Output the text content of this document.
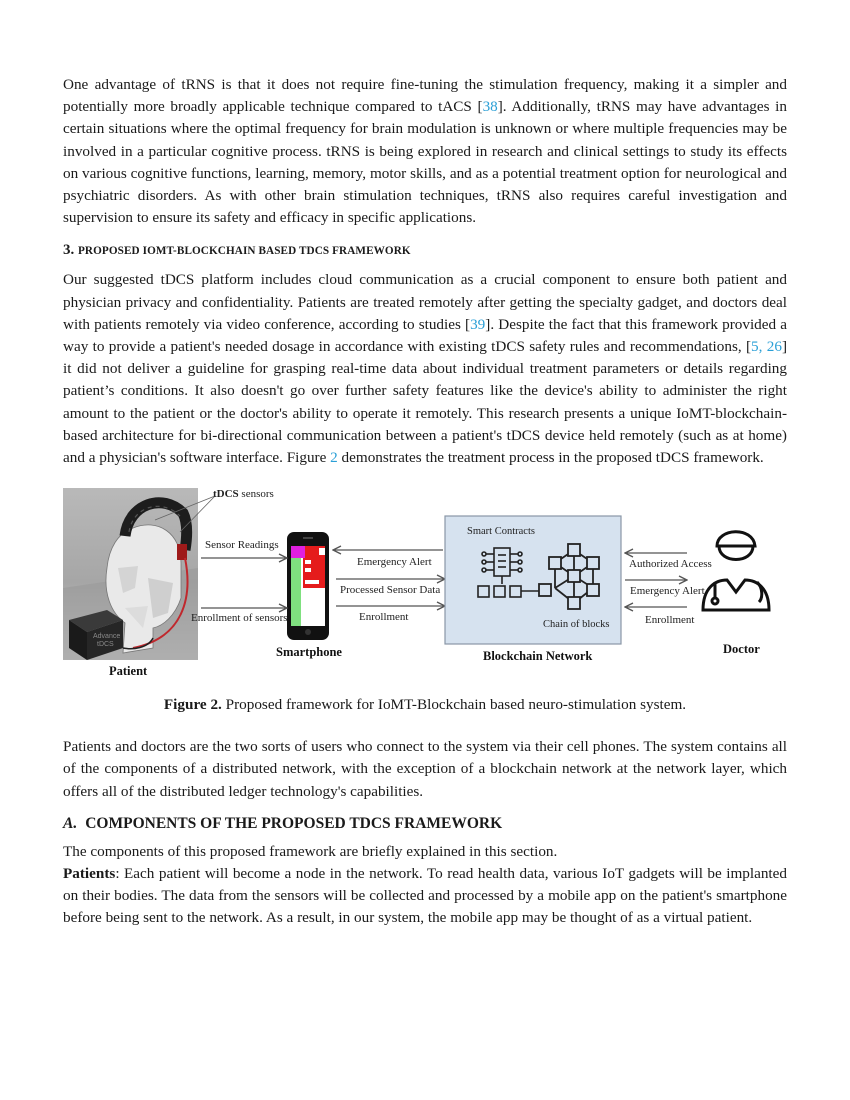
One advantage of tRNS is that it does not require fine-tuning the stimulation frequency, making it a simpler and potentially more broadly applicable technique compared to tACS [38]. Additionally, tRNS may have advantages in certain situations where the optimal frequency for brain modulation is unknown or where multiple frequencies may be involved in a particular cognitive process. tRNS is being explored in research and clinical settings to study its effects on various cognitive functions, learning, memory, motor skills, and as a potential treatment option for neurological and psychiatric disorders. As with other brain stimulation techniques, tRNS also requires careful investigation and supervision to ensure its safety and efficacy in specific applications.

3. PROPOSED IOMT-BLOCKCHAIN BASED TDCS FRAMEWORK

Our suggested tDCS platform includes cloud communication as a crucial component to ensure both patient and physician privacy and confidentiality. Patients are treated remotely after getting the specialty gadget, and doctors deal with patients remotely via video conference, according to studies [39]. Despite the fact that this framework provided a way to provide a patient's needed dosage in accordance with existing tDCS safety rules and recommendations, [5, 26] it did not deliver a guideline for grasping real-time data about individual treatment parameters or details regarding patient’s conditions. It also doesn't go over further safety features like the device's ability to administer the right amount to the patient or the doctor's ability to operate it remotely. This research presents a unique IoMT-blockchain-based architecture for bi-directional communication between a patient's tDCS device held remotely (such as at home) and a physician's software interface. Figure 2 demonstrates the treatment process in the proposed tDCS framework.

Advance
tDCS
tDCS sensors
Sensor Readings
Enrollment of sensors
Emergency Alert
Processed Sensor Data
Enrollment
Smart Contracts
Chain of blocks
Authorized Access
Emergency Alert
Enrollment
Patient
Smartphone	Blockchain Network	Doctor
Figure 2. Proposed framework for IoMT-Blockchain based neuro-stimulation system.

Patients and doctors are the two sorts of users who connect to the system via their cell phones. The system contains all of the components of a distributed network, with the exception of a blockchain network at the network layer, which offers all of the distributed ledger technology's capabilities.

A. COMPONENTS OF THE PROPOSED TDCS FRAMEWORK

The components of this proposed framework are briefly explained in this section.

Patients: Each patient will become a node in the network. To read health data, various IoT gadgets will be implanted on their bodies. The data from the sensors will be collected and processed by a mobile app on the patient's smartphone before being sent to the network. As a result, in our system, the mobile app may be thought of as a virtual patient.
